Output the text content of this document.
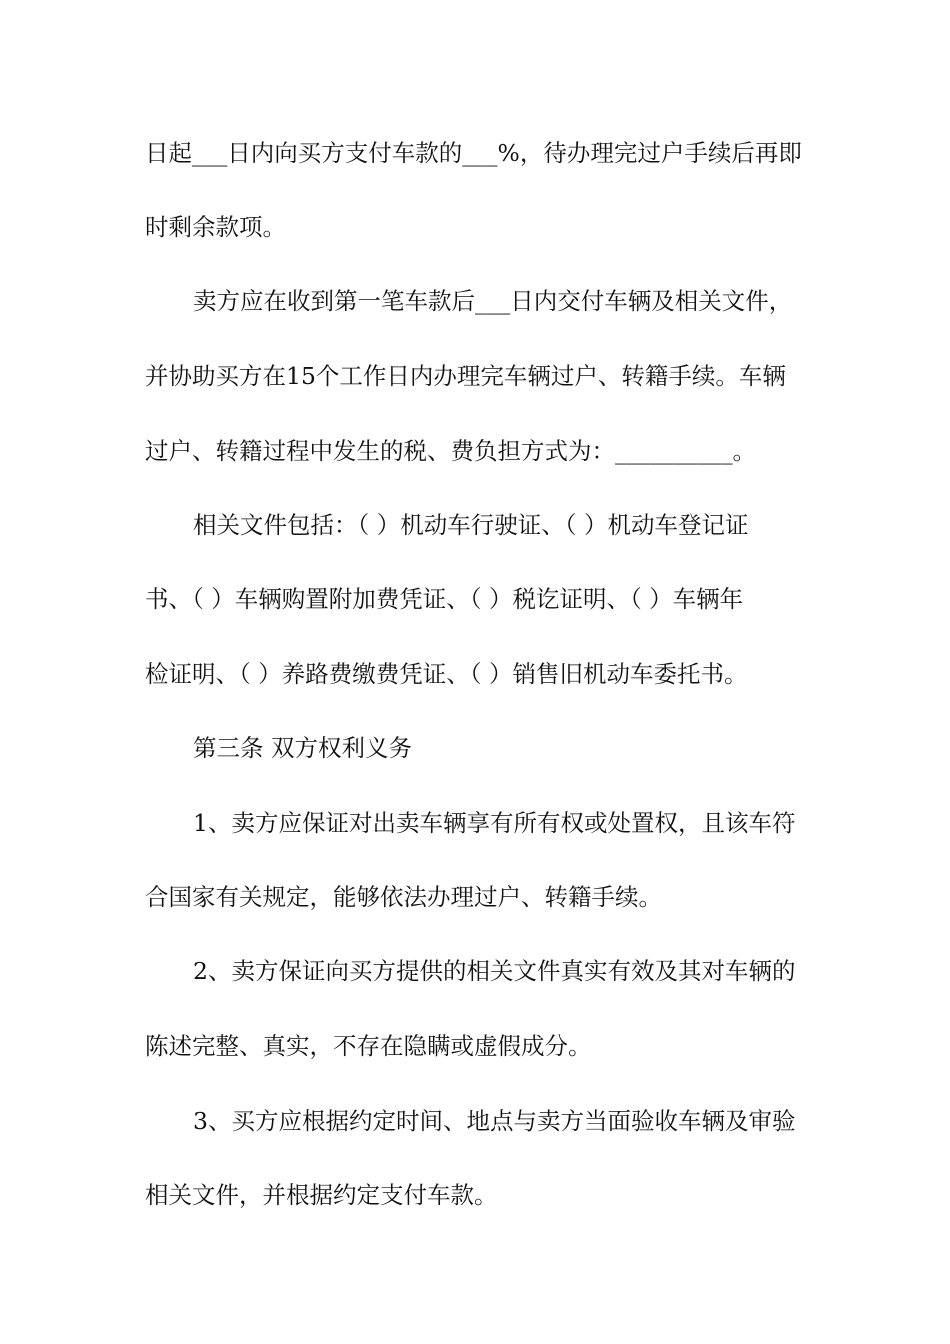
日起___日内向买方支付车款的___%，待办理完过户手续后再即
时剩余款项。
卖方应在收到第一笔车款后___日内交付车辆及相关文件，
并协助买方在15个工作日内办理完车辆过户、转籍手续。车辆
过户、转籍过程中发生的税、费负担方式为：__________。
相关文件包括：（ ）机动车行驶证、（ ）机动车登记证
书、（ ）车辆购置附加费凭证、（ ）税讫证明、（ ）车辆年
检证明、（ ）养路费缴费凭证、（ ）销售旧机动车委托书。
第三条 双方权利义务
1、卖方应保证对出卖车辆享有所有权或处置权，且该车符
合国家有关规定，能够依法办理过户、转籍手续。
2、卖方保证向买方提供的相关文件真实有效及其对车辆的
陈述完整、真实，不存在隐瞒或虚假成分。
3、买方应根据约定时间、地点与卖方当面验收车辆及审验
相关文件，并根据约定支付车款。
